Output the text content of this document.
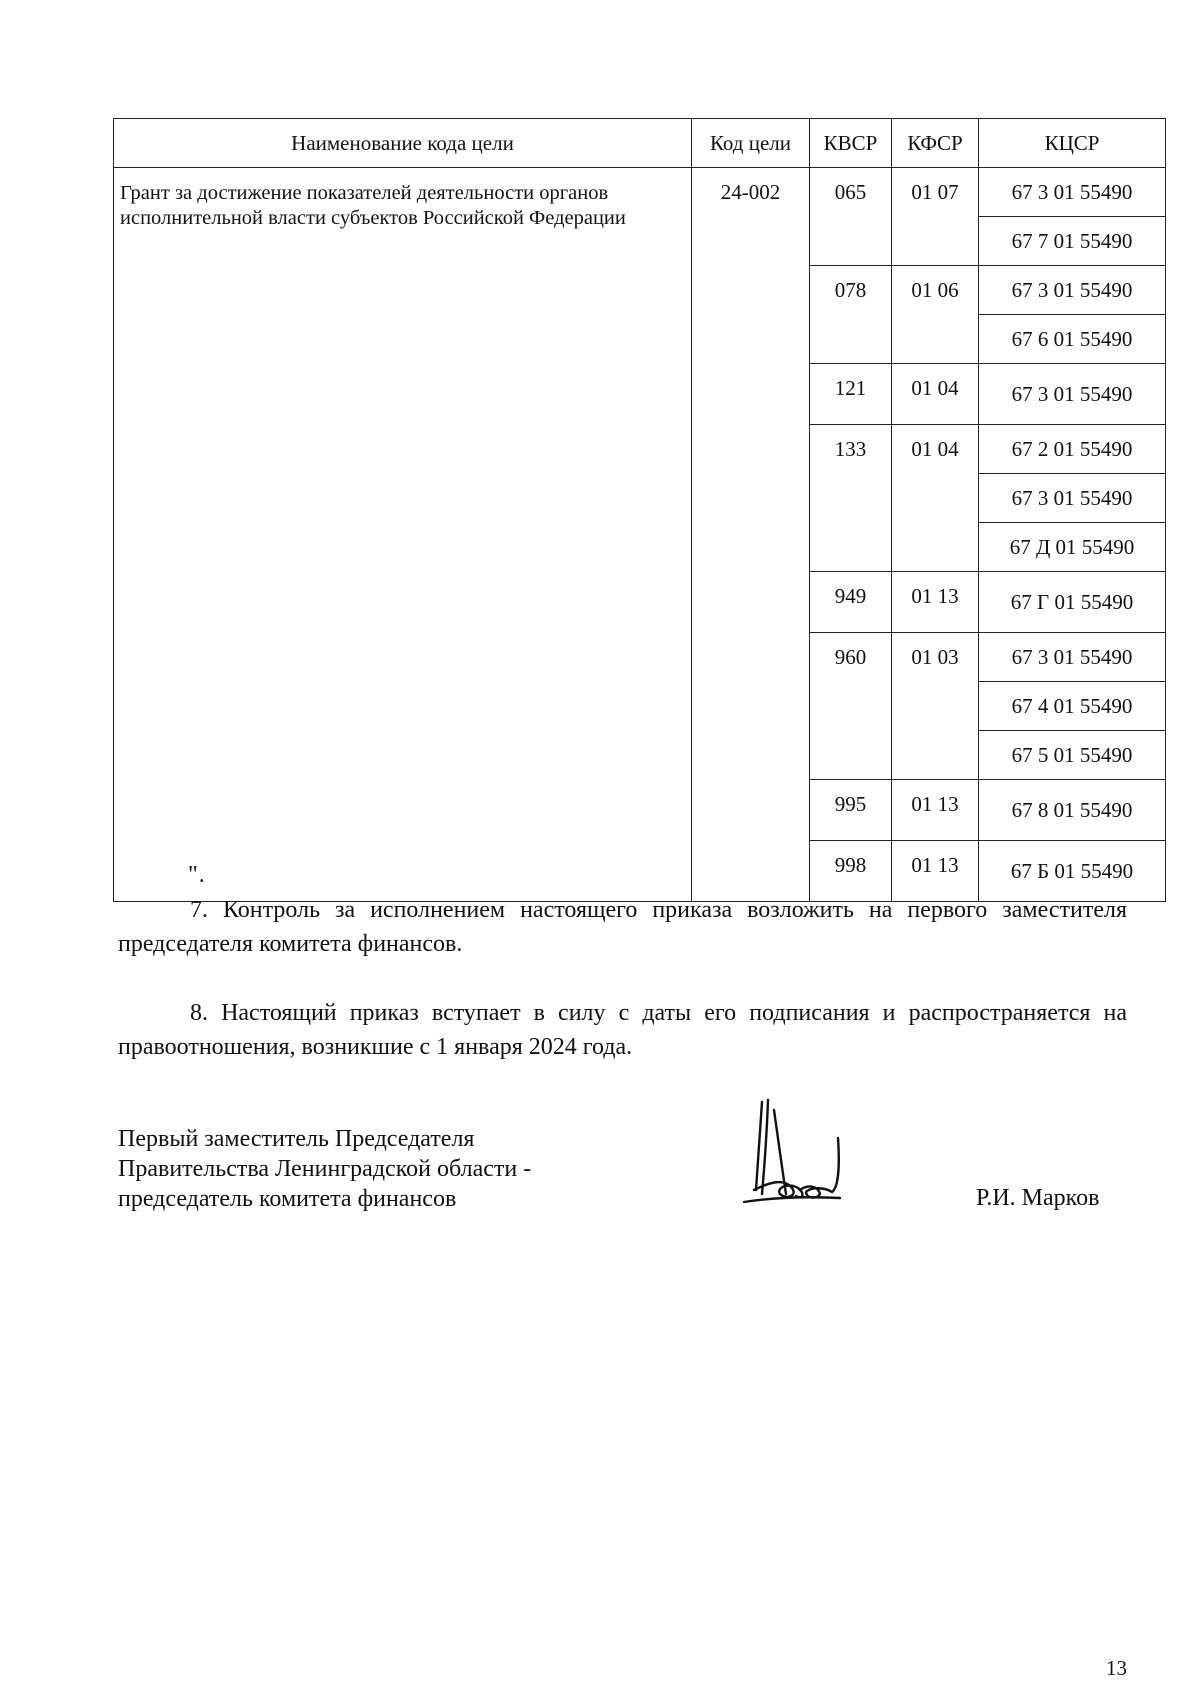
Наименование кода цели	Код цели	КВСР	КФСР	КЦСР
Грант за достижение показателей деятельности органов исполнительной власти субъектов Российской Федерации	24-002	065	01 07	67 3 01 55490
				67 7 01 55490
		078	01 06	67 3 01 55490
				67 6 01 55490
		121	01 04	67 3 01 55490
		133	01 04	67 2 01 55490
				67 3 01 55490
				67 Д 01 55490
		949	01 13	67 Г 01 55490
		960	01 03	67 3 01 55490
				67 4 01 55490
				67 5 01 55490
		995	01 13	67 8 01 55490
		998	01 13	67 Б 01 55490
".
7. Контроль за исполнением настоящего приказа возложить на первого заместителя председателя комитета финансов.
8. Настоящий приказ вступает в силу с даты его подписания и распространяется на правоотношения, возникшие с 1 января 2024 года.
Первый заместитель Председателя
Правительства Ленинградской области -
председатель комитета финансов	Р.И. Марков
13
